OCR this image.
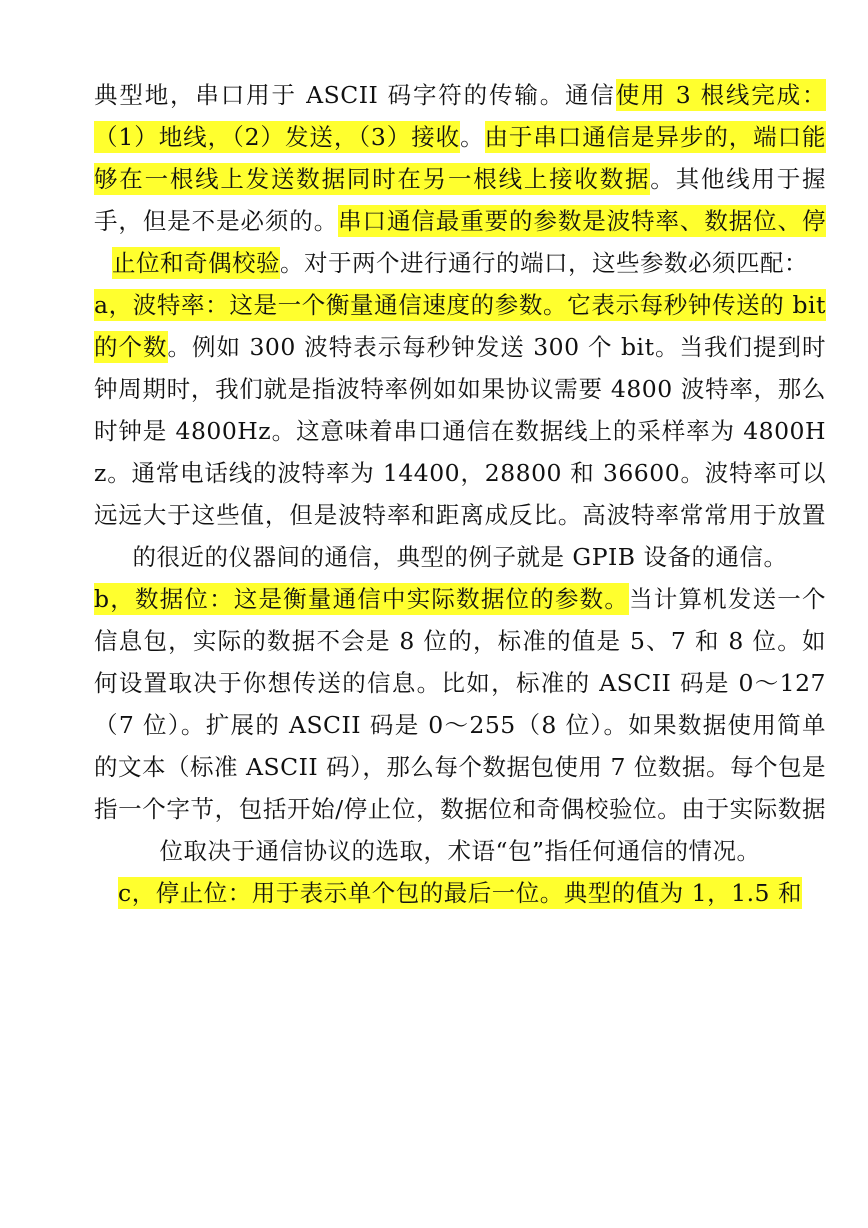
典型地，串口用于 ASCII 码字符的传输。通信使用 3 根线完成：（1）地线，（2）发送，（3）接收。由于串口通信是异步的，端口能够在一根线上发送数据同时在另一根线上接收数据。其他线用于握手，但是不是必须的。串口通信最重要的参数是波特率、数据位、停止位和奇偶校验。对于两个进行通行的端口，这些参数必须匹配：

a，波特率：这是一个衡量通信速度的参数。它表示每秒钟传送的 bit 的个数。例如 300 波特表示每秒钟发送 300 个 bit。当我们提到时钟周期时，我们就是指波特率例如如果协议需要 4800 波特率，那么时钟是 4800Hz。这意味着串口通信在数据线上的采样率为 4800Hz。通常电话线的波特率为 14400，28800 和 36600。波特率可以远远大于这些值，但是波特率和距离成反比。高波特率常常用于放置的很近的仪器间的通信，典型的例子就是 GPIB 设备的通信。

b，数据位：这是衡量通信中实际数据位的参数。当计算机发送一个信息包，实际的数据不会是 8 位的，标准的值是 5、7 和 8 位。如何设置取决于你想传送的信息。比如，标准的 ASCII 码是 0～127（7 位）。扩展的 ASCII 码是 0～255（8 位）。如果数据使用简单的文本（标准 ASCII 码），那么每个数据包使用 7 位数据。每个包是指一个字节，包括开始/停止位，数据位和奇偶校验位。由于实际数据位取决于通信协议的选取，术语“包”指任何通信的情况。

c，停止位：用于表示单个包的最后一位。典型的值为 1，1.5 和
